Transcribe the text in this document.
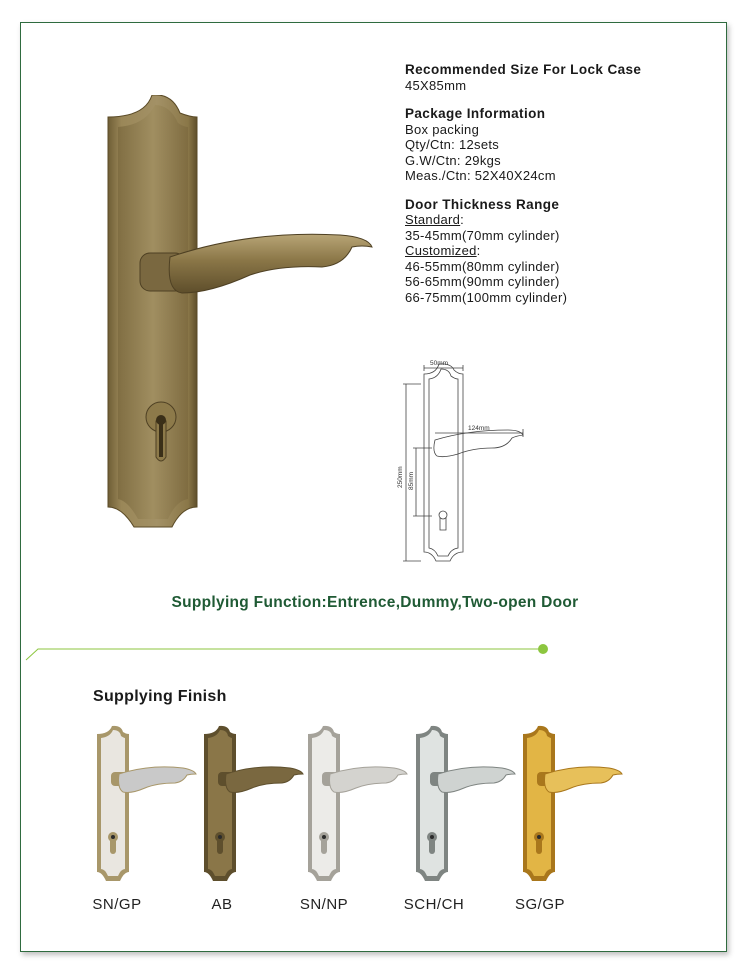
Recommended Size For Lock Case
45X85mm
Package Information
Box packing
Qty/Ctn: 12sets
G.W/Ctn: 29kgs
Meas./Ctn: 52X40X24cm
Door Thickness Range
Standard:
35-45mm(70mm cylinder)
Customized:
46-55mm(80mm cylinder)
56-65mm(90mm cylinder)
66-75mm(100mm cylinder)
50mm
124mm
250mm 85mm
Supplying Function:Entrence,Dummy,Two-open Door
Supplying Finish
SN/GP	AB	SN/NP	SCH/CH	SG/GP
